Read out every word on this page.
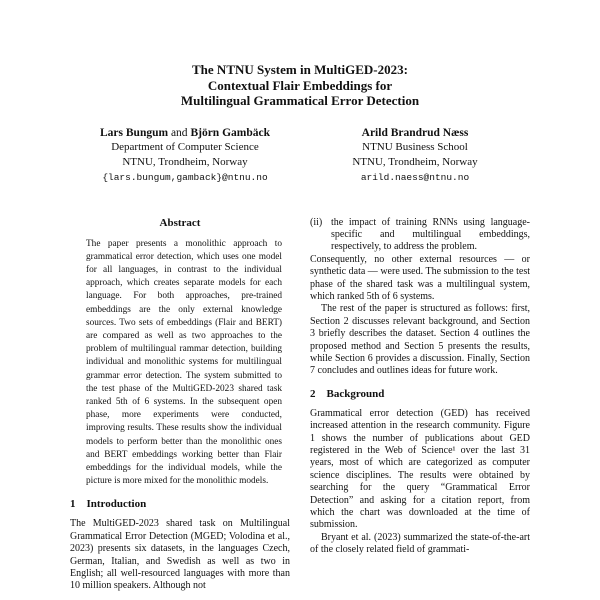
The NTNU System in MultiGED-2023:
Contextual Flair Embeddings for
Multilingual Grammatical Error Detection
Lars Bungum and Björn Gambäck
Department of Computer Science
NTNU, Trondheim, Norway
{lars.bungum,gamback}@ntnu.no
Arild Brandrud Næss
NTNU Business School
NTNU, Trondheim, Norway
arild.naess@ntnu.no
Abstract

The paper presents a monolithic approach to grammatical error detection, which uses one model for all languages, in contrast to the individual approach, which creates separate models for each language. For both approaches, pre-trained embeddings are the only external knowledge sources. Two sets of embeddings (Flair and BERT) are compared as well as two approaches to the problem of multilingual rammar detection, building individual and monolithic systems for multilingual grammar error detection. The system submitted to the test phase of the MultiGED-2023 shared task ranked 5th of 6 systems. In the subsequent open phase, more experiments were conducted, improving results. These results show the individual models to perform better than the monolithic ones and BERT embeddings working better than Flair embeddings for the individual models, while the picture is more mixed for the monolithic models.

1 Introduction

The MultiGED-2023 shared task on Multilingual Grammatical Error Detection (MGED; Volodina et al., 2023) presents six datasets, in the languages Czech, German, Italian, and Swedish as well as two in English; all well-resourced languages with more than 10 million speakers. Although not

(ii) the impact of training RNNs using language-specific and multilingual embeddings, respectively, to address the problem.

Consequently, no other external resources — or synthetic data — were used. The submission to the test phase of the shared task was a multilingual system, which ranked 5th of 6 systems.

The rest of the paper is structured as follows: first, Section 2 discusses relevant background, and Section 3 briefly describes the dataset. Section 4 outlines the proposed method and Section 5 presents the results, while Section 6 provides a discussion. Finally, Section 7 concludes and outlines ideas for future work.

2 Background

Grammatical error detection (GED) has received increased attention in the research community. Figure 1 shows the number of publications about GED registered in the Web of Science¹ over the last 31 years, most of which are categorized as computer science disciplines. The results were obtained by searching for the query “Grammatical Error Detection” and asking for a citation report, from which the chart was downloaded at the time of submission.

Bryant et al. (2023) summarized the state-of-the-art of the closely related field of grammati-
